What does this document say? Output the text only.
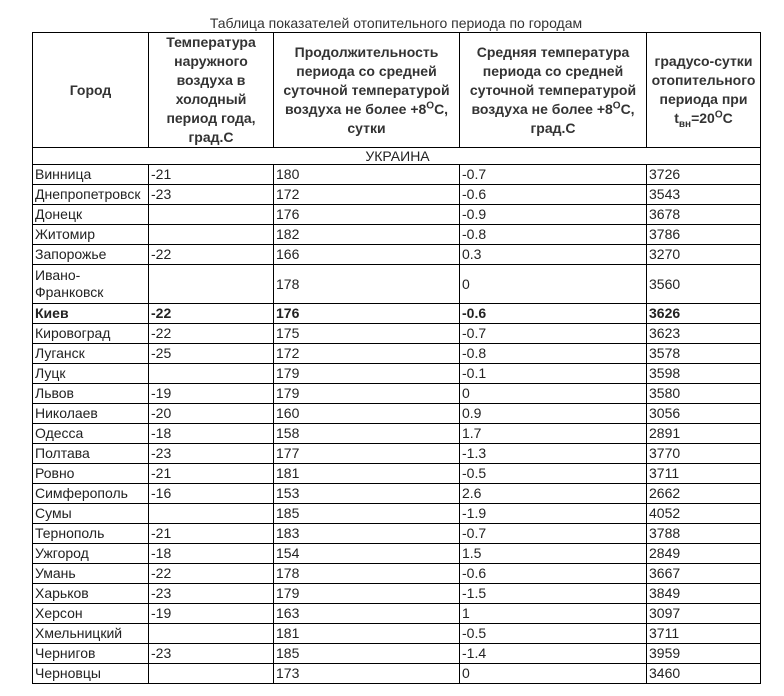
Таблица показателей отопительного периода по городам
Город	Температура наружного воздуха в холодный период года, град.С	Продолжительность периода со средней суточной температурой воздуха не более $+8^OC$, сутки	Средняя температура периода со средней суточной температурой воздуха не более $+8^OC$, град.С	градусо-сутки отопительного периода при $t_{вн}=20^OC$
УКРАИНА				
Винница	-21	180	-0.7	3726
Днепропетровск	-23	172	-0.6	3543
Донецк		176	-0.9	3678
Житомир		182	-0.8	3786
Запорожье	-22	166	0.3	3270
Ивано-Франковск		178	0	3560
Киев	-22	176	-0.6	3626
Кировоград	-22	175	-0.7	3623
Луганск	-25	172	-0.8	3578
Луцк		179	-0.1	3598
Львов	-19	179	0	3580
Николаев	-20	160	0.9	3056
Одесса	-18	158	1.7	2891
Полтава	-23	177	-1.3	3770
Ровно	-21	181	-0.5	3711
Симферополь	-16	153	2.6	2662
Сумы		185	-1.9	4052
Тернополь	-21	183	-0.7	3788
Ужгород	-18	154	1.5	2849
Умань	-22	178	-0.6	3667
Харьков	-23	179	-1.5	3849
Херсон	-19	163	1	3097
Хмельницкий		181	-0.5	3711
Чернигов	-23	185	-1.4	3959
Черновцы		173	0	3460
